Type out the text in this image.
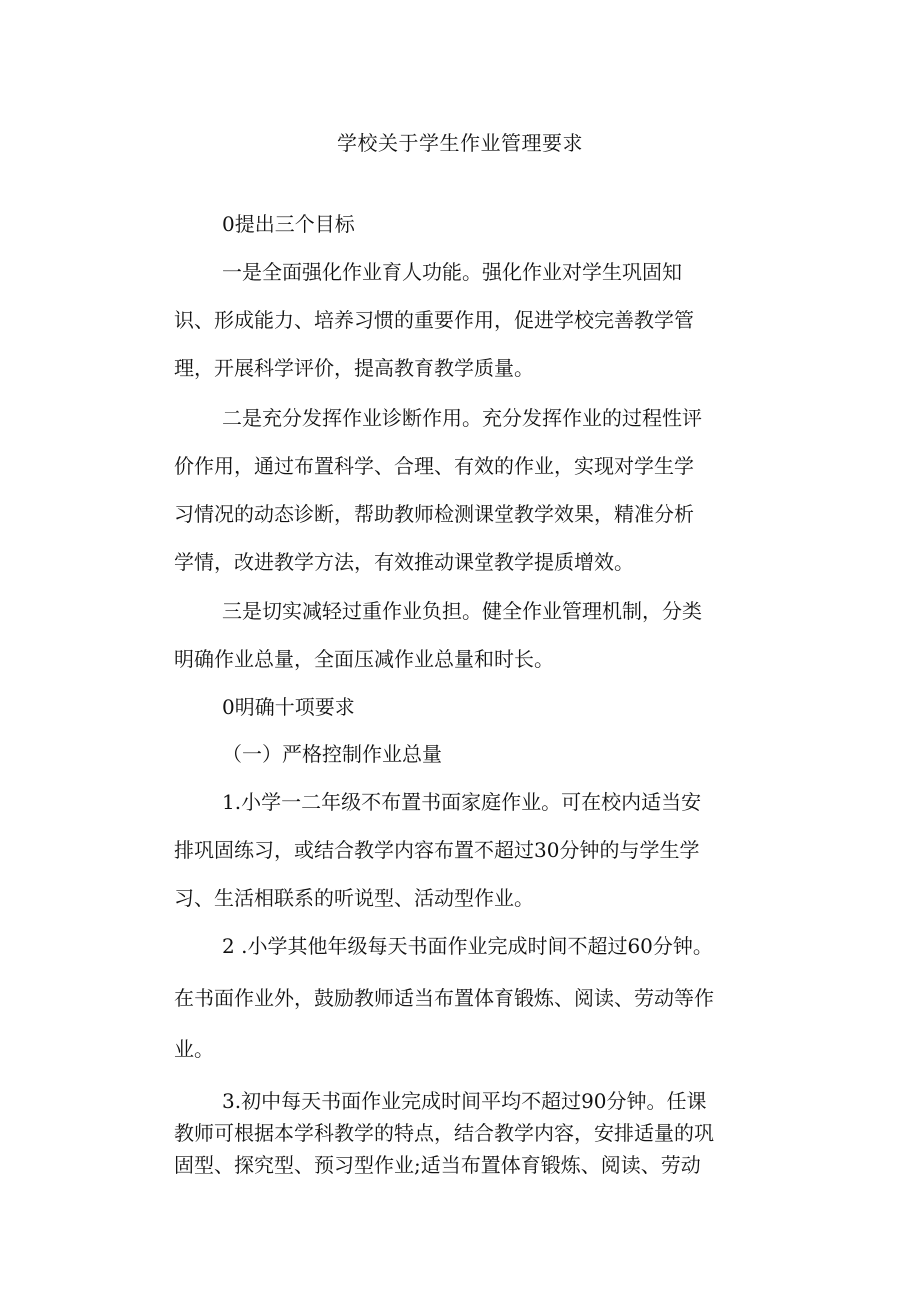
学校关于学生作业管理要求
0提出三个目标
一是全面强化作业育人功能。强化作业对学生巩固知
识、形成能力、培养习惯的重要作用，促进学校完善教学管
理，开展科学评价，提高教育教学质量。
二是充分发挥作业诊断作用。充分发挥作业的过程性评
价作用，通过布置科学、合理、有效的作业，实现对学生学
习情况的动态诊断，帮助教师检测课堂教学效果，精准分析
学情，改进教学方法，有效推动课堂教学提质增效。
三是切实减轻过重作业负担。健全作业管理机制，分类
明确作业总量，全面压减作业总量和时长。
0明确十项要求
（一）严格控制作业总量
1.小学一二年级不布置书面家庭作业。可在校内适当安
排巩固练习，或结合教学内容布置不超过30分钟的与学生学
习、生活相联系的听说型、活动型作业。
2 .小学其他年级每天书面作业完成时间不超过60分钟。
在书面作业外，鼓励教师适当布置体育锻炼、阅读、劳动等作
业。
3.初中每天书面作业完成时间平均不超过90分钟。任课
教师可根据本学科教学的特点，结合教学内容，安排适量的巩
固型、探究型、预习型作业;适当布置体育锻炼、阅读、劳动
